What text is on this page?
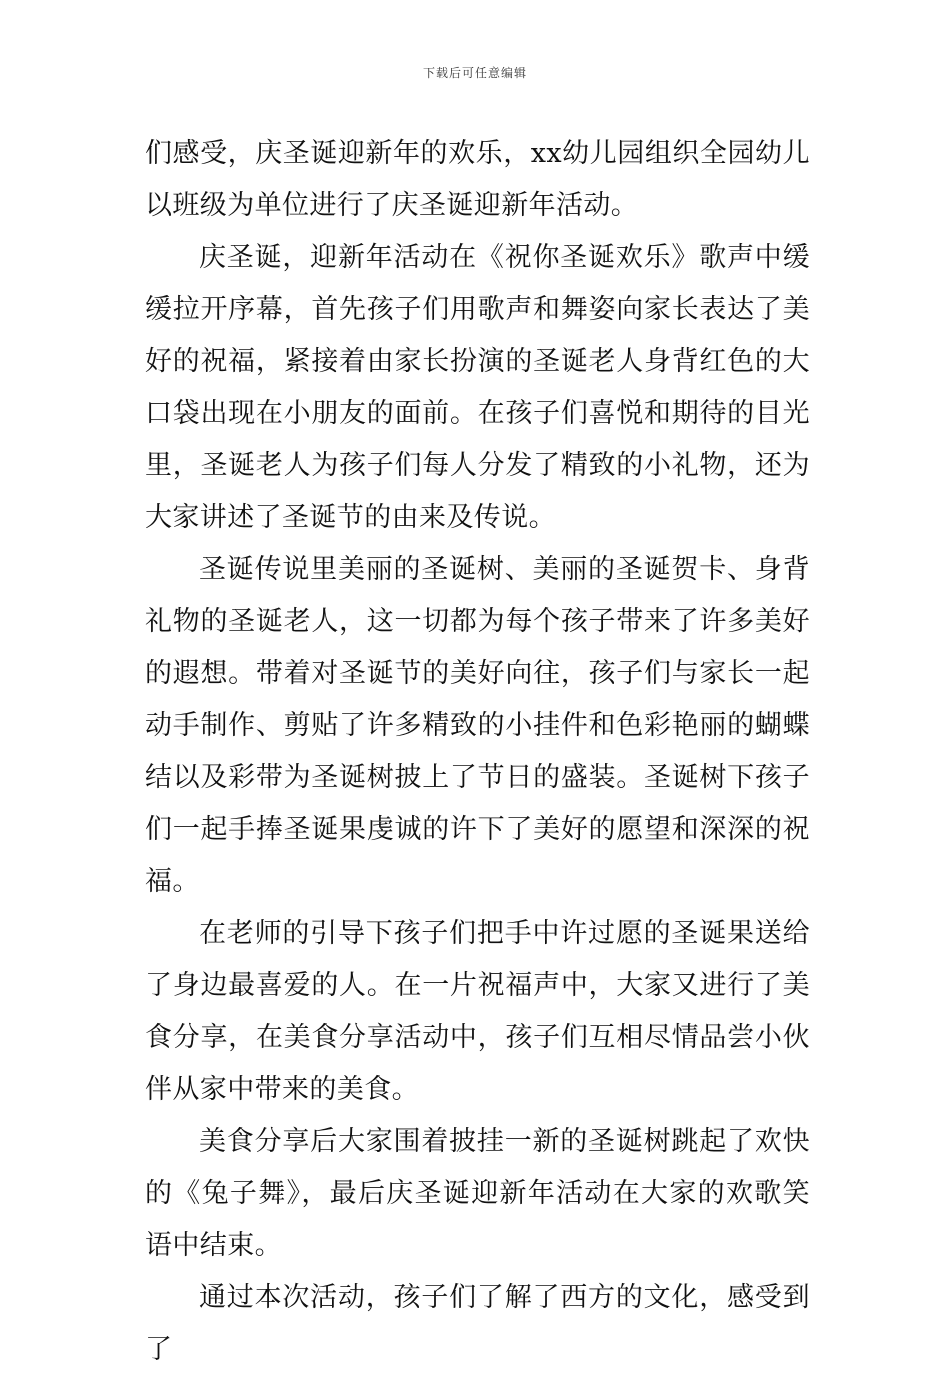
下载后可任意编辑

们感受，庆圣诞迎新年的欢乐，xx幼儿园组织全园幼儿以班级为单位进行了庆圣诞迎新年活动。

庆圣诞，迎新年活动在《祝你圣诞欢乐》歌声中缓缓拉开序幕，首先孩子们用歌声和舞姿向家长表达了美好的祝福，紧接着由家长扮演的圣诞老人身背红色的大口袋出现在小朋友的面前。在孩子们喜悦和期待的目光里，圣诞老人为孩子们每人分发了精致的小礼物，还为大家讲述了圣诞节的由来及传说。

圣诞传说里美丽的圣诞树、美丽的圣诞贺卡、身背礼物的圣诞老人，这一切都为每个孩子带来了许多美好的遐想。带着对圣诞节的美好向往，孩子们与家长一起动手制作、剪贴了许多精致的小挂件和色彩艳丽的蝴蝶结以及彩带为圣诞树披上了节日的盛装。圣诞树下孩子们一起手捧圣诞果虔诚的许下了美好的愿望和深深的祝福。

在老师的引导下孩子们把手中许过愿的圣诞果送给了身边最喜爱的人。在一片祝福声中，大家又进行了美食分享，在美食分享活动中，孩子们互相尽情品尝小伙伴从家中带来的美食。

美食分享后大家围着披挂一新的圣诞树跳起了欢快的《兔子舞》，最后庆圣诞迎新年活动在大家的欢歌笑语中结束。

通过本次活动，孩子们了解了西方的文化，感受到了
